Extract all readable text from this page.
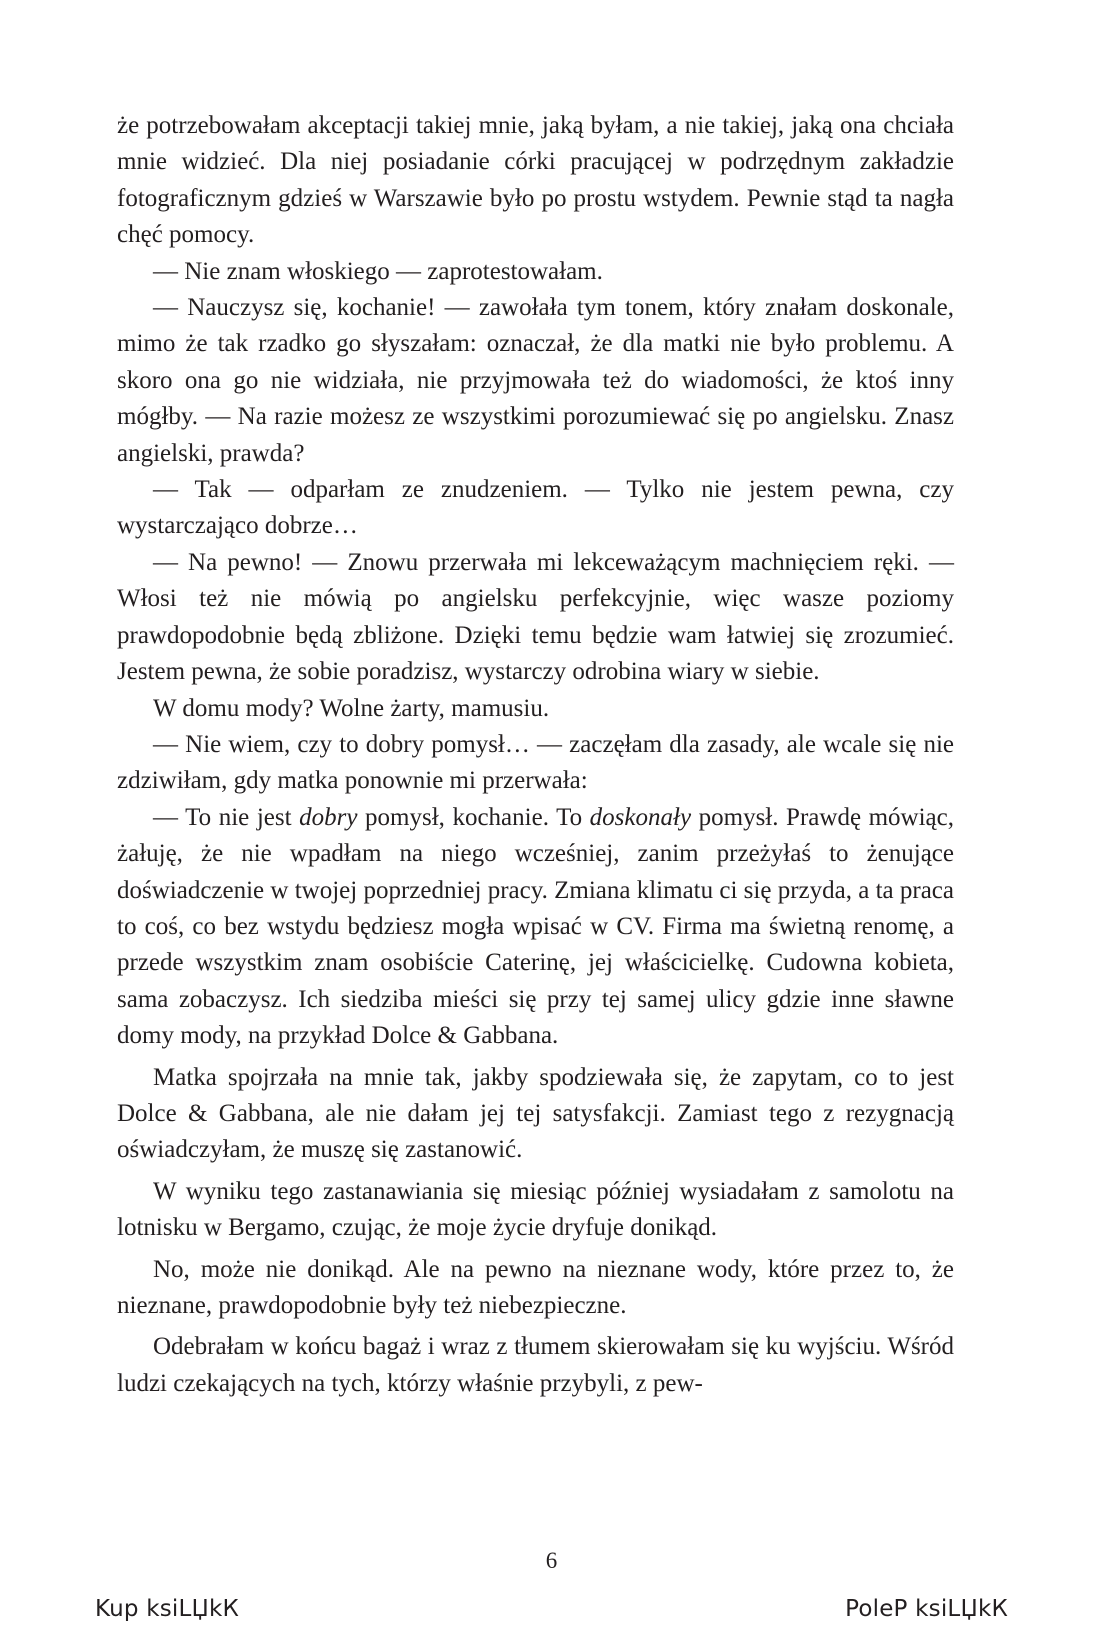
że potrzebowałam akceptacji takiej mnie, jaką byłam, a nie takiej, jaką ona chciała mnie widzieć. Dla niej posiadanie córki pracującej w podrzędnym zakładzie fotograficznym gdzieś w Warszawie było po prostu wstydem. Pewnie stąd ta nagła chęć pomocy.

— Nie znam włoskiego — zaprotestowałam.

— Nauczysz się, kochanie! — zawołała tym tonem, który znałam doskonale, mimo że tak rzadko go słyszałam: oznaczał, że dla matki nie było problemu. A skoro ona go nie widziała, nie przyjmowała też do wiadomości, że ktoś inny mógłby. — Na razie możesz ze wszystkimi porozumiewać się po angielsku. Znasz angielski, prawda?

— Tak — odparłam ze znudzeniem. — Tylko nie jestem pewna, czy wystarczająco dobrze…

— Na pewno! — Znowu przerwała mi lekceważącym machnięciem ręki. — Włosi też nie mówią po angielsku perfekcyjnie, więc wasze poziomy prawdopodobnie będą zbliżone. Dzięki temu będzie wam łatwiej się zrozumieć. Jestem pewna, że sobie poradzisz, wystarczy odrobina wiary w siebie.

W domu mody? Wolne żarty, mamusiu.

— Nie wiem, czy to dobry pomysł… — zaczęłam dla zasady, ale wcale się nie zdziwiłam, gdy matka ponownie mi przerwała:

— To nie jest dobry pomysł, kochanie. To doskonały pomysł. Prawdę mówiąc, żałuję, że nie wpadłam na niego wcześniej, zanim przeżyłaś to żenujące doświadczenie w twojej poprzedniej pracy. Zmiana klimatu ci się przyda, a ta praca to coś, co bez wstydu będziesz mogła wpisać w CV. Firma ma świetną renomę, a przede wszystkim znam osobiście Caterinę, jej właścicielkę. Cudowna kobieta, sama zobaczysz. Ich siedziba mieści się przy tej samej ulicy gdzie inne sławne domy mody, na przykład Dolce & Gabbana.

Matka spojrzała na mnie tak, jakby spodziewała się, że zapytam, co to jest Dolce & Gabbana, ale nie dałam jej tej satysfakcji. Zamiast tego z rezygnacją oświadczyłam, że muszę się zastanowić.

W wyniku tego zastanawiania się miesiąc później wysiadałam z samolotu na lotnisku w Bergamo, czując, że moje życie dryfuje donikąd.

No, może nie donikąd. Ale na pewno na nieznane wody, które przez to, że nieznane, prawdopodobnie były też niebezpieczne.

Odebrałam w końcu bagaż i wraz z tłumem skierowałam się ku wyjściu. Wśród ludzi czekających na tych, którzy właśnie przybyli, z pew-

6
Kup ksiLЏkК	PoleР ksiLЏkК
